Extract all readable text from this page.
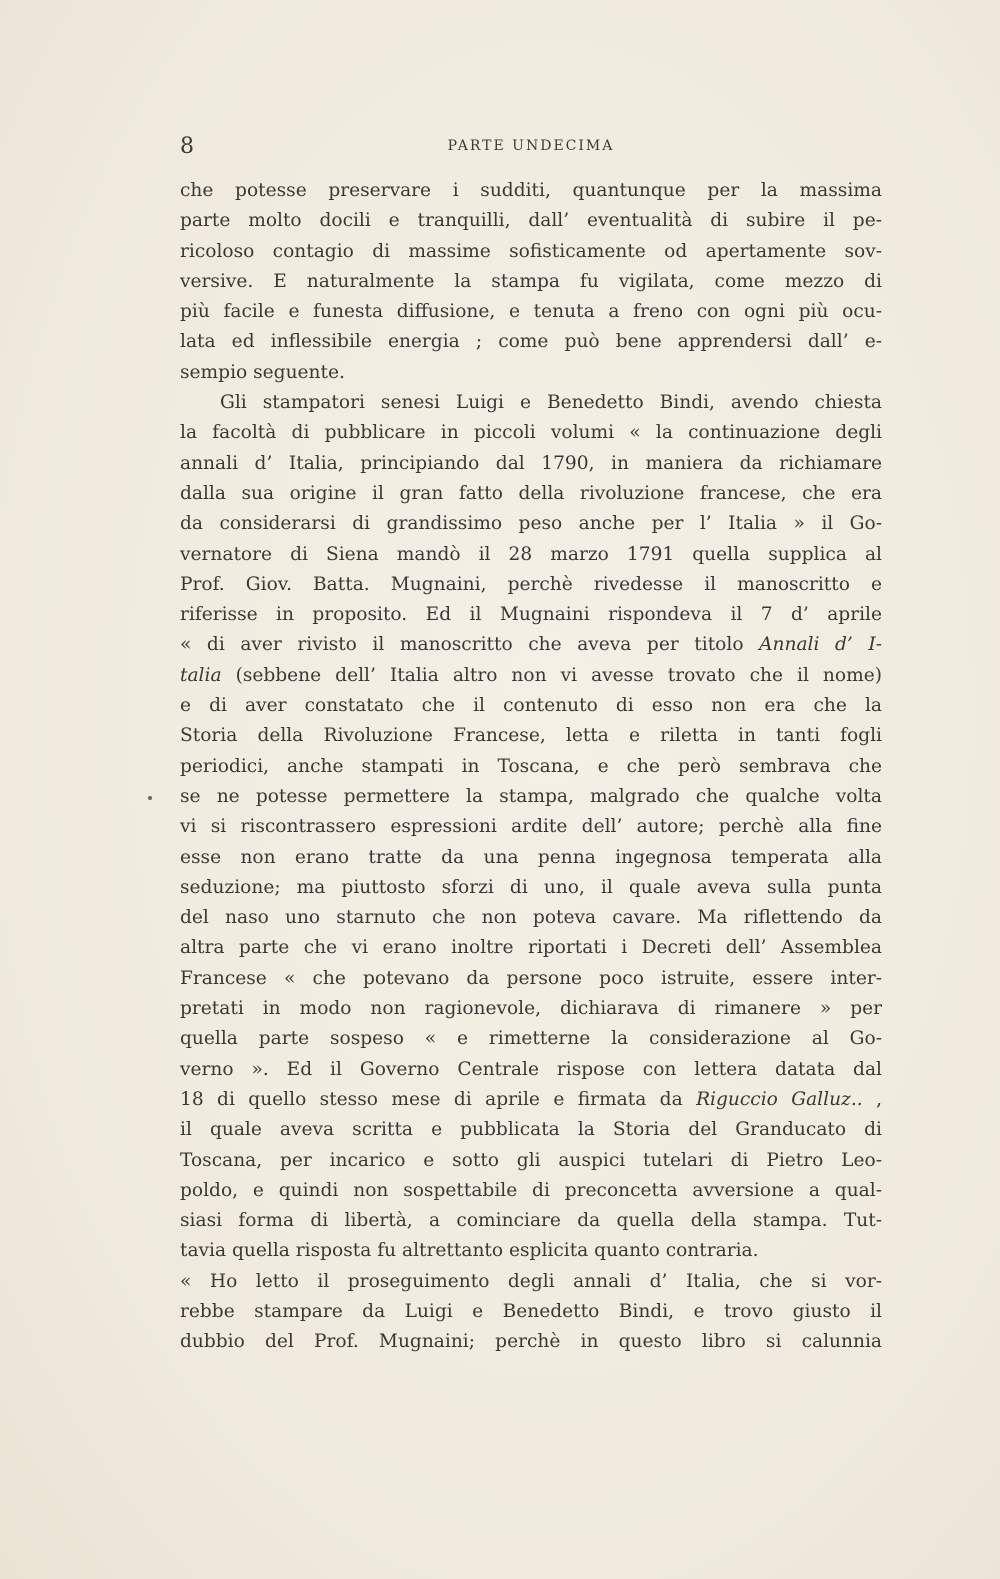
8	PARTE UNDECIMA
che potesse preservare i sudditi, quantunque per la massima
parte molto docili e tranquilli, dall’ eventualità di subire il pe-
ricoloso contagio di massime sofisticamente od apertamente sov-
versive. E naturalmente la stampa fu vigilata, come mezzo di
più facile e funesta diffusione, e tenuta a freno con ogni più ocu-
lata ed inflessibile energia ; come può bene apprendersi dall’ e-
sempio seguente.
Gli stampatori senesi Luigi e Benedetto Bindi, avendo chiesta
la facoltà di pubblicare in piccoli volumi « la continuazione degli
annali d’ Italia, principiando dal 1790, in maniera da richiamare
dalla sua origine il gran fatto della rivoluzione francese, che era
da considerarsi di grandissimo peso anche per l’ Italia » il Go-
vernatore di Siena mandò il 28 marzo 1791 quella supplica al
Prof. Giov. Batta. Mugnaini, perchè rivedesse il manoscritto e
riferisse in proposito. Ed il Mugnaini rispondeva il 7 d’ aprile
« di aver rivisto il manoscritto che aveva per titolo Annali d’ I-
talia (sebbene dell’ Italia altro non vi avesse trovato che il nome)
e di aver constatato che il contenuto di esso non era che la
Storia della Rivoluzione Francese, letta e riletta in tanti fogli
periodici, anche stampati in Toscana, e che però sembrava che
se ne potesse permettere la stampa, malgrado che qualche volta
vi si riscontrassero espressioni ardite dell’ autore; perchè alla fine
esse non erano tratte da una penna ingegnosa temperata alla
seduzione; ma piuttosto sforzi di uno, il quale aveva sulla punta
del naso uno starnuto che non poteva cavare. Ma riflettendo da
altra parte che vi erano inoltre riportati i Decreti dell’ Assemblea
Francese « che potevano da persone poco istruite, essere inter-
pretati in modo non ragionevole, dichiarava di rimanere » per
quella parte sospeso « e rimetterne la considerazione al Go-
verno ». Ed il Governo Centrale rispose con lettera datata dal
18 di quello stesso mese di aprile e firmata da Riguccio Galluz.. ,
il quale aveva scritta e pubblicata la Storia del Granducato di
Toscana, per incarico e sotto gli auspici tutelari di Pietro Leo-
poldo, e quindi non sospettabile di preconcetta avversione a qual-
siasi forma di libertà, a cominciare da quella della stampa. Tut-
tavia quella risposta fu altrettanto esplicita quanto contraria.
« Ho letto il proseguimento degli annali d’ Italia, che si vor-
rebbe stampare da Luigi e Benedetto Bindi, e trovo giusto il
dubbio del Prof. Mugnaini; perchè in questo libro si calunnia
